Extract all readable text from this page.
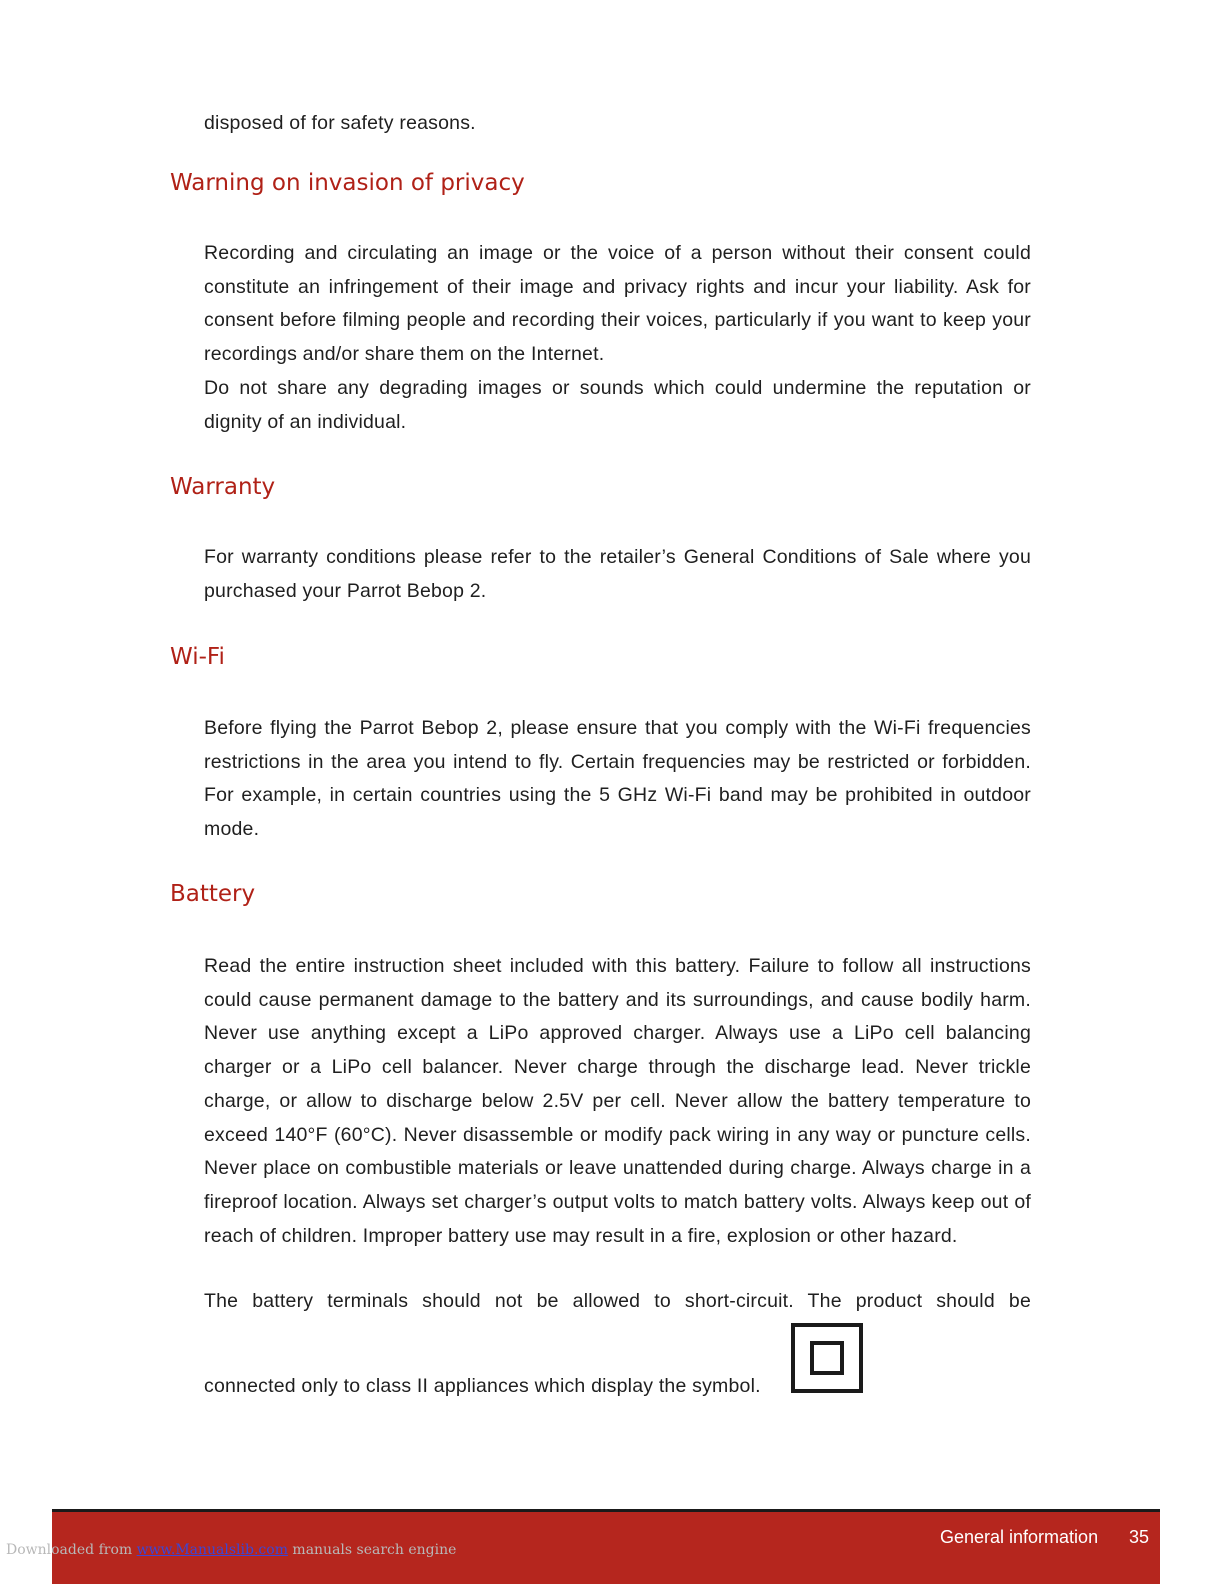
disposed of for safety reasons.

Warning on invasion of privacy

Recording and circulating an image or the voice of a person without their consent could constitute an infringement of their image and privacy rights and incur your liability. Ask for consent before filming people and recording their voices, particularly if you want to keep your recordings and/or share them on the Internet.

Do not share any degrading images or sounds which could undermine the reputation or dignity of an individual.

Warranty

For warranty conditions please refer to the retailer’s General Conditions of Sale where you purchased your Parrot Bebop 2.

Wi-Fi

Before flying the Parrot Bebop 2, please ensure that you comply with the Wi-Fi frequencies restrictions in the area you intend to fly. Certain frequencies may be restricted or forbidden. For example, in certain countries using the 5 GHz Wi-Fi band may be prohibited in outdoor mode.

Battery

Read the entire instruction sheet included with this battery. Failure to follow all instructions could cause permanent damage to the battery and its surroundings, and cause bodily harm. Never use anything except a LiPo approved charger. Always use a LiPo cell balancing charger or a LiPo cell balancer. Never charge through the discharge lead. Never trickle charge, or allow to discharge below 2.5V per cell. Never allow the battery temperature to exceed 140°F (60°C). Never disassemble or modify pack wiring in any way or puncture cells. Never place on combustible materials or leave unattended during charge. Always charge in a fireproof location. Always set charger’s output volts to match battery volts. Always keep out of reach of children. Improper battery use may result in a fire, explosion or other hazard.

The battery terminals should not be allowed to short-circuit. The product should be

connected only to class II appliances which display the symbol.

General information 35
Downloaded from www.Manualslib.com manuals search engine
